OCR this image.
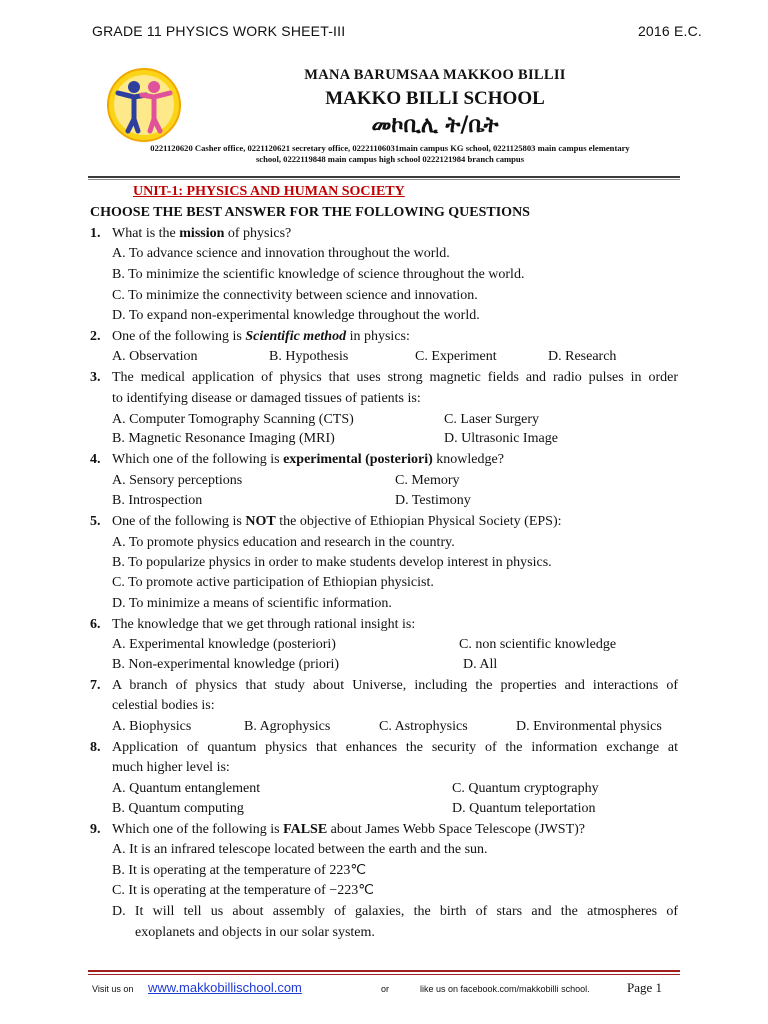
GRADE 11 PHYSICS WORK SHEET-III	2016 E.C.
MANA BARUMSAA MAKKOO BILLII
MAKKO BILLI SCHOOL
መኮቢሊ ት/ቤት
0221120620 Casher office, 0221120621 secretary office, 02221106031main campus KG school, 0221125803 main campus elementary
school, 0222119848 main campus high school 0222121984 branch campus
UNIT-1: PHYSICS AND HUMAN SOCIETY
CHOOSE THE BEST ANSWER FOR THE FOLLOWING QUESTIONS
1. What is the mission of physics?
A. To advance science and innovation throughout the world.
B. To minimize the scientific knowledge of science throughout the world.
C. To minimize the connectivity between science and innovation.
D. To expand non-experimental knowledge throughout the world.
2. One of the following is Scientific method in physics:
A. Observation	B. Hypothesis	C. Experiment	D. Research
3. The medical application of physics that uses strong magnetic fields and radio pulses in order
to identifying disease or damaged tissues of patients is:
A. Computer Tomography Scanning (CTS)	C. Laser Surgery
B. Magnetic Resonance Imaging (MRI)	D. Ultrasonic Image
4. Which one of the following is experimental (posteriori) knowledge?
A. Sensory perceptions	C. Memory
B. Introspection	D. Testimony
5. One of the following is NOT the objective of Ethiopian Physical Society (EPS):
A. To promote physics education and research in the country.
B. To popularize physics in order to make students develop interest in physics.
C. To promote active participation of Ethiopian physicist.
D. To minimize a means of scientific information.
6. The knowledge that we get through rational insight is:
A. Experimental knowledge (posteriori)	C. non scientific knowledge
B. Non-experimental knowledge (priori)	D. All
7. A branch of physics that study about Universe, including the properties and interactions of
celestial bodies is:
A. Biophysics	B. Agrophysics	C. Astrophysics	D. Environmental physics
8. Application of quantum physics that enhances the security of the information exchange at
much higher level is:
A. Quantum entanglement	C. Quantum cryptography
B. Quantum computing	D. Quantum teleportation
9. Which one of the following is FALSE about James Webb Space Telescope (JWST)?
A. It is an infrared telescope located between the earth and the sun.
B. It is operating at the temperature of 223℃
C. It is operating at the temperature of −223℃
D. It will tell us about assembly of galaxies, the birth of stars and the atmospheres of
exoplanets and objects in our solar system.
Visit us on www.makkobillischool.com	or	like us on facebook.com/makkobilli school.	Page 1
